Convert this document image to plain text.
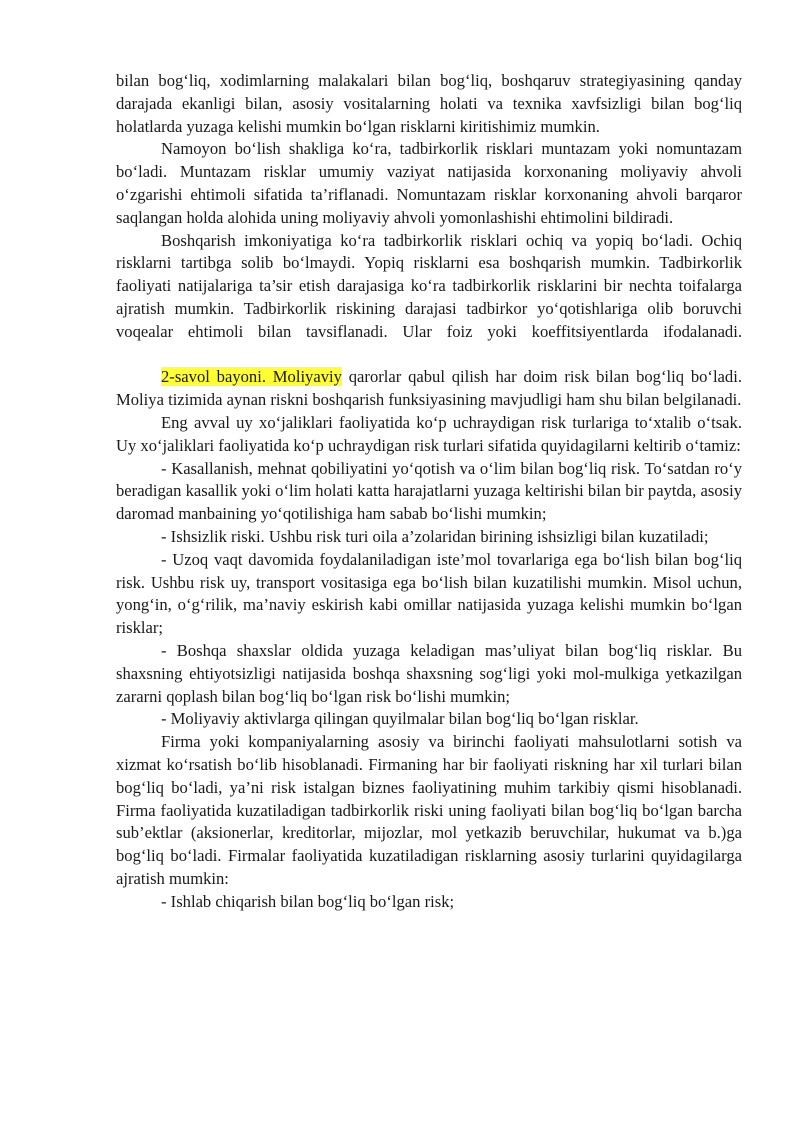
bilan bog‘liq, xodimlarning malakalari bilan bog‘liq, boshqaruv strategiyasining qanday darajada ekanligi bilan, asosiy vositalarning holati va texnika xavfsizligi bilan bog‘liq holatlarda yuzaga kelishi mumkin bo‘lgan risklarni kiritishimiz mumkin.

Namoyon bo‘lish shakliga ko‘ra, tadbirkorlik risklari muntazam yoki nomuntazam bo‘ladi. Muntazam risklar umumiy vaziyat natijasida korxonaning moliyaviy ahvoli o‘zgarishi ehtimoli sifatida ta’riflanadi. Nomuntazam risklar korxonaning ahvoli barqaror saqlangan holda alohida uning moliyaviy ahvoli yomonlashishi ehtimolini bildiradi.

Boshqarish imkoniyatiga ko‘ra tadbirkorlik risklari ochiq va yopiq bo‘ladi. Ochiq risklarni tartibga solib bo‘lmaydi. Yopiq risklarni esa boshqarish mumkin. Tadbirkorlik faoliyati natijalariga ta’sir etish darajasiga ko‘ra tadbirkorlik risklarini bir nechta toifalarga ajratish mumkin. Tadbirkorlik riskining darajasi tadbirkor yo‘qotishlariga olib boruvchi voqealar ehtimoli bilan tavsiflanadi. Ular foiz yoki koeffitsiyentlarda ifodalanadi.

2-savol bayoni. Moliyaviy qarorlar qabul qilish har doim risk bilan bog‘liq bo‘ladi. Moliya tizimida aynan riskni boshqarish funksiyasining mavjudligi ham shu bilan belgilanadi.

Eng avval uy xo‘jaliklari faoliyatida ko‘p uchraydigan risk turlariga to‘xtalib o‘tsak. Uy xo‘jaliklari faoliyatida ko‘p uchraydigan risk turlari sifatida quyidagilarni keltirib o‘tamiz:

- Kasallanish, mehnat qobiliyatini yo‘qotish va o‘lim bilan bog‘liq risk. To‘satdan ro‘y beradigan kasallik yoki o‘lim holati katta harajatlarni yuzaga keltirishi bilan bir paytda, asosiy daromad manbaining yo‘qotilishiga ham sabab bo‘lishi mumkin;

- Ishsizlik riski. Ushbu risk turi oila a’zolaridan birining ishsizligi bilan kuzatiladi;

- Uzoq vaqt davomida foydalaniladigan iste’mol tovarlariga ega bo‘lish bilan bog‘liq risk. Ushbu risk uy, transport vositasiga ega bo‘lish bilan kuzatilishi mumkin. Misol uchun, yong‘in, o‘g‘rilik, ma’naviy eskirish kabi omillar natijasida yuzaga kelishi mumkin bo‘lgan risklar;

- Boshqa shaxslar oldida yuzaga keladigan mas’uliyat bilan bog‘liq risklar. Bu shaxsning ehtiyotsizligi natijasida boshqa shaxsning sog‘ligi yoki mol-mulkiga yetkazilgan zararni qoplash bilan bog‘liq bo‘lgan risk bo‘lishi mumkin;

- Moliyaviy aktivlarga qilingan quyilmalar bilan bog‘liq bo‘lgan risklar.

Firma yoki kompaniyalarning asosiy va birinchi faoliyati mahsulotlarni sotish va xizmat ko‘rsatish bo‘lib hisoblanadi. Firmaning har bir faoliyati riskning har xil turlari bilan bog‘liq bo‘ladi, ya’ni risk istalgan biznes faoliyatining muhim tarkibiy qismi hisoblanadi. Firma faoliyatida kuzatiladigan tadbirkorlik riski uning faoliyati bilan bog‘liq bo‘lgan barcha sub’ektlar (aksionerlar, kreditorlar, mijozlar, mol yetkazib beruvchilar, hukumat va b.)ga bog‘liq bo‘ladi. Firmalar faoliyatida kuzatiladigan risklarning asosiy turlarini quyidagilarga ajratish mumkin:

- Ishlab chiqarish bilan bog‘liq bo‘lgan risk;
